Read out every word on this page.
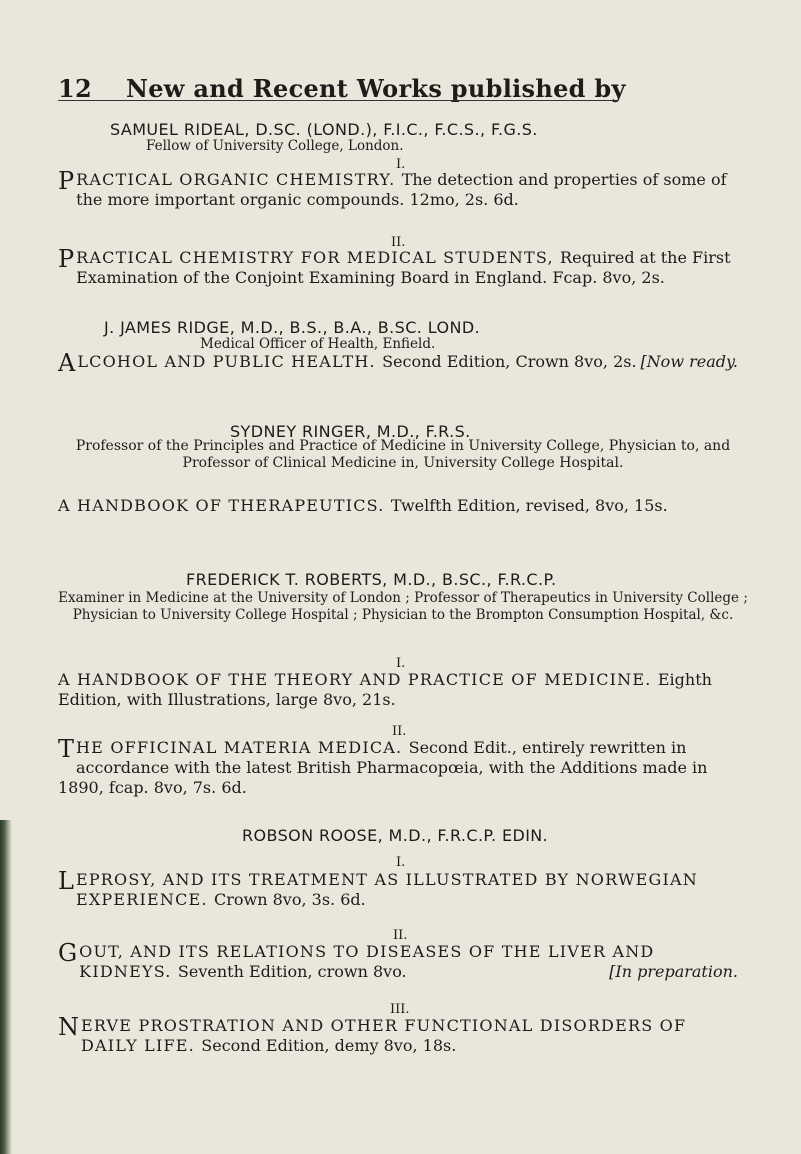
12 New and Recent Works published by
SAMUEL RIDEAL, D.SC. (LOND.), F.I.C., F.C.S., F.G.S.
Fellow of University College, London.
I.
P RACTICAL ORGANIC CHEMISTRY. The detection and properties of some of the more important organic compounds. 12mo, 2s. 6d.
II.
P RACTICAL CHEMISTRY FOR MEDICAL STUDENTS, Required at the First Examination of the Conjoint Examining Board in England. Fcap. 8vo, 2s.
J. JAMES RIDGE, M.D., B.S., B.A., B.SC. LOND.
Medical Officer of Health, Enfield.
A LCOHOL AND PUBLIC HEALTH. Second Edition, Crown 8vo, 2s. [Now ready.
SYDNEY RINGER, M.D., F.R.S.
Professor of the Principles and Practice of Medicine in University College, Physician to, and Professor of Clinical Medicine in, University College Hospital.
A HANDBOOK OF THERAPEUTICS. Twelfth Edition, revised, 8vo, 15s.
FREDERICK T. ROBERTS, M.D., B.SC., F.R.C.P.
Examiner in Medicine at the University of London ; Professor of Therapeutics in University College ; Physician to University College Hospital ; Physician to the Brompton Consumption Hospital, &c.
I.
A HANDBOOK OF THE THEORY AND PRACTICE OF MEDICINE. Eighth Edition, with Illustrations, large 8vo, 21s.
II.
T HE OFFICINAL MATERIA MEDICA. Second Edit., entirely rewritten in accordance with the latest British Pharmacopœia, with the Additions made in 1890, fcap. 8vo, 7s. 6d.
ROBSON ROOSE, M.D., F.R.C.P. EDIN.
I.
L EPROSY, AND ITS TREATMENT AS ILLUSTRATED BY NORWEGIAN EXPERIENCE. Crown 8vo, 3s. 6d.
II.
G OUT, AND ITS RELATIONS TO DISEASES OF THE LIVER AND KIDNEYS. Seventh Edition, crown 8vo.	[In preparation.
III.
N ERVE PROSTRATION AND OTHER FUNCTIONAL DISORDERS OF DAILY LIFE. Second Edition, demy 8vo, 18s.
